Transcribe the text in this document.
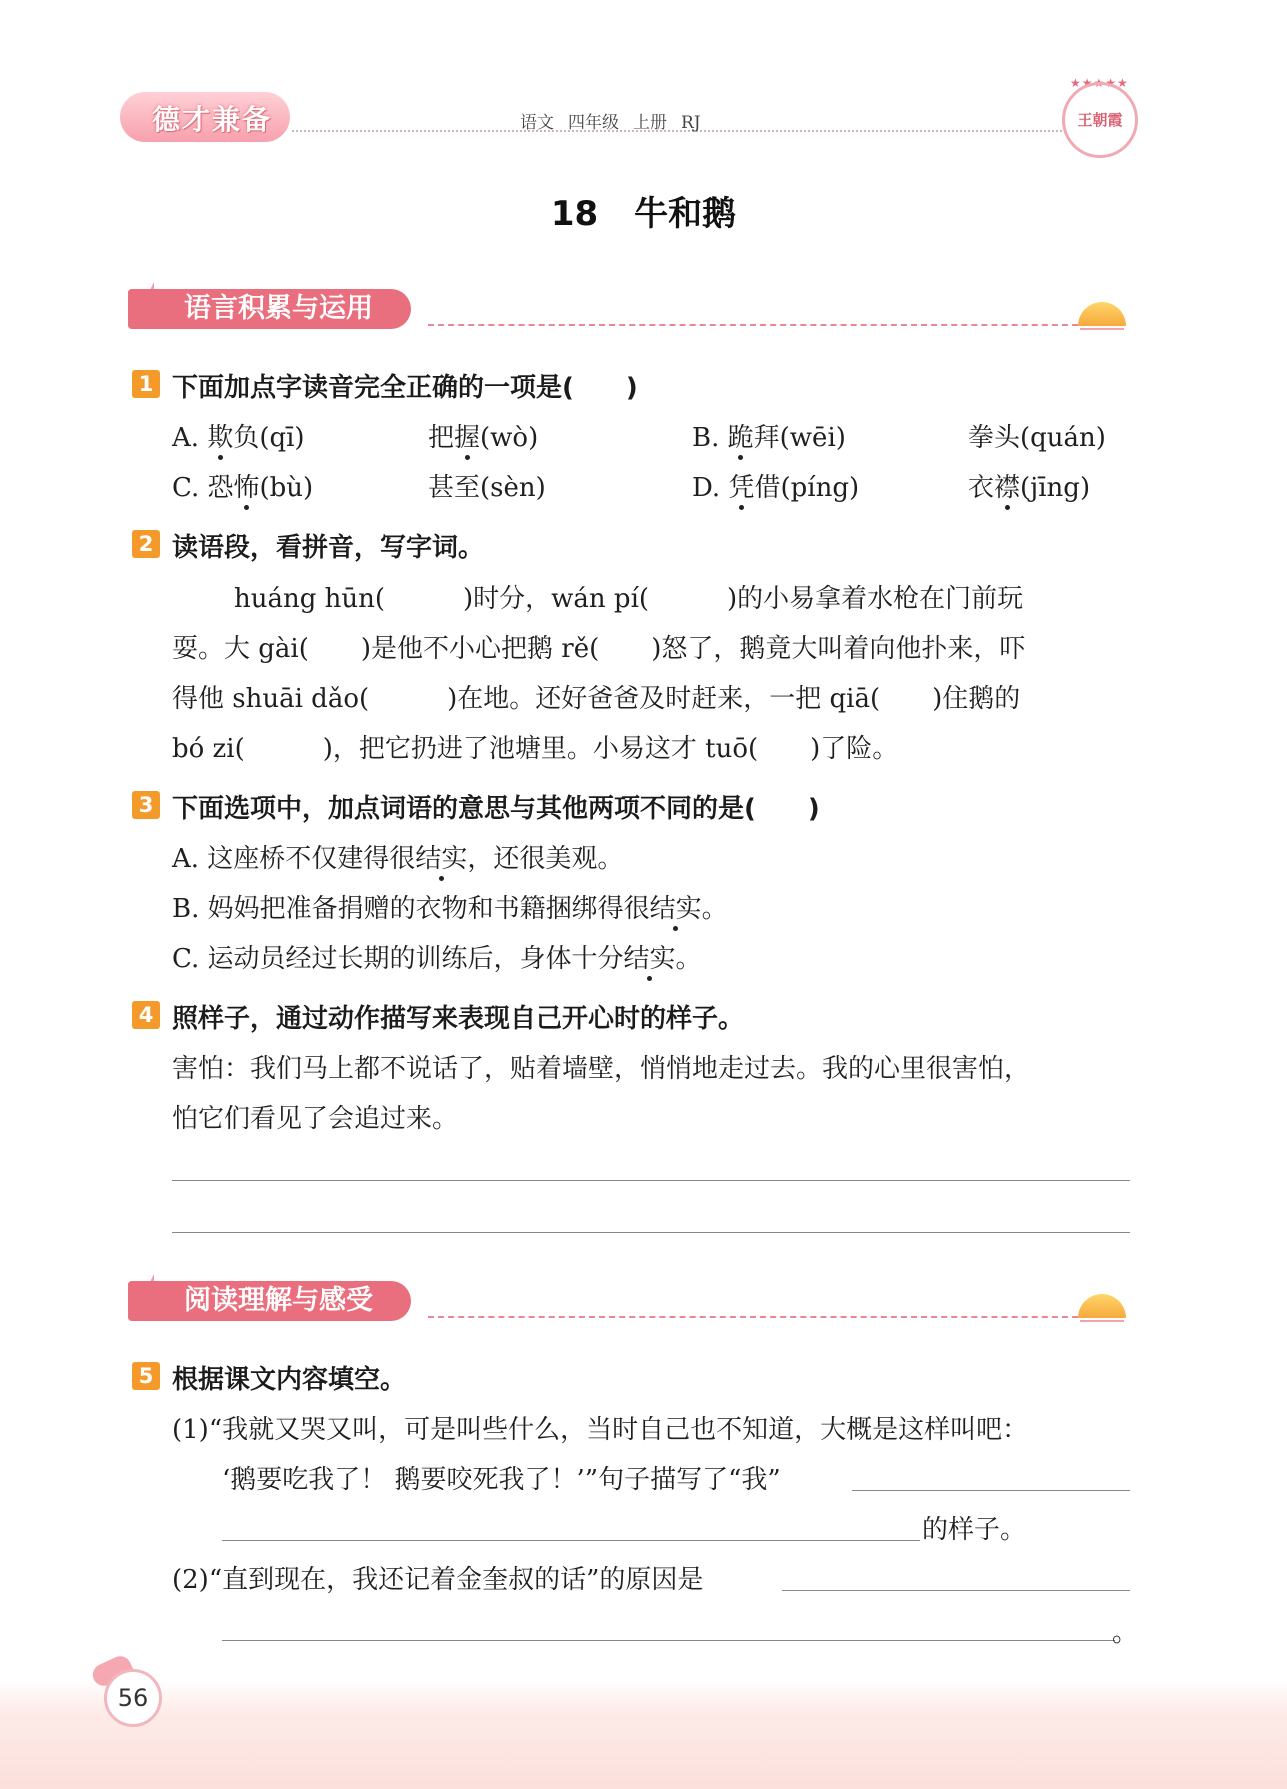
德才兼备	语文 四年级 上册 RJ
★★★★★
王朝霞
18 牛和鹅
语言积累与运用
1 下面加点字读音完全正确的一项是(　　)
A. 欺负(qī)	把握(wò)	B. 跪拜(wēi)	拳头(quán)
C. 恐怖(bù)	甚至(sèn)	D. 凭借(píng)	衣襟(jīng)
2 读语段，看拼音，写字词。
huáng hūn(　　　)时分，wán pí(　　　)的小易拿着水枪在门前玩
耍。大 gài(　　)是他不小心把鹅 rě(　　)怒了，鹅竟大叫着向他扑来，吓
得他 shuāi dǎo(　　　)在地。还好爸爸及时赶来，一把 qiā(　　)住鹅的
bó zi(　　　)，把它扔进了池塘里。小易这才 tuō(　　)了险。
3 下面选项中，加点词语的意思与其他两项不同的是(　　)
A. 这座桥不仅建得很结实，还很美观。
B. 妈妈把准备捐赠的衣物和书籍捆绑得很结实。
C. 运动员经过长期的训练后，身体十分结实。
4 照样子，通过动作描写来表现自己开心时的样子。
害怕：我们马上都不说话了，贴着墙壁，悄悄地走过去。我的心里很害怕，
怕它们看见了会追过来。
阅读理解与感受
5 根据课文内容填空。
(1)“我就又哭又叫，可是叫些什么，当时自己也不知道，大概是这样叫吧：
‘鹅要吃我了！ 鹅要咬死我了！’”句子描写了“我”
的样子。
(2)“直到现在，我还记着金奎叔的话”的原因是
。
56
